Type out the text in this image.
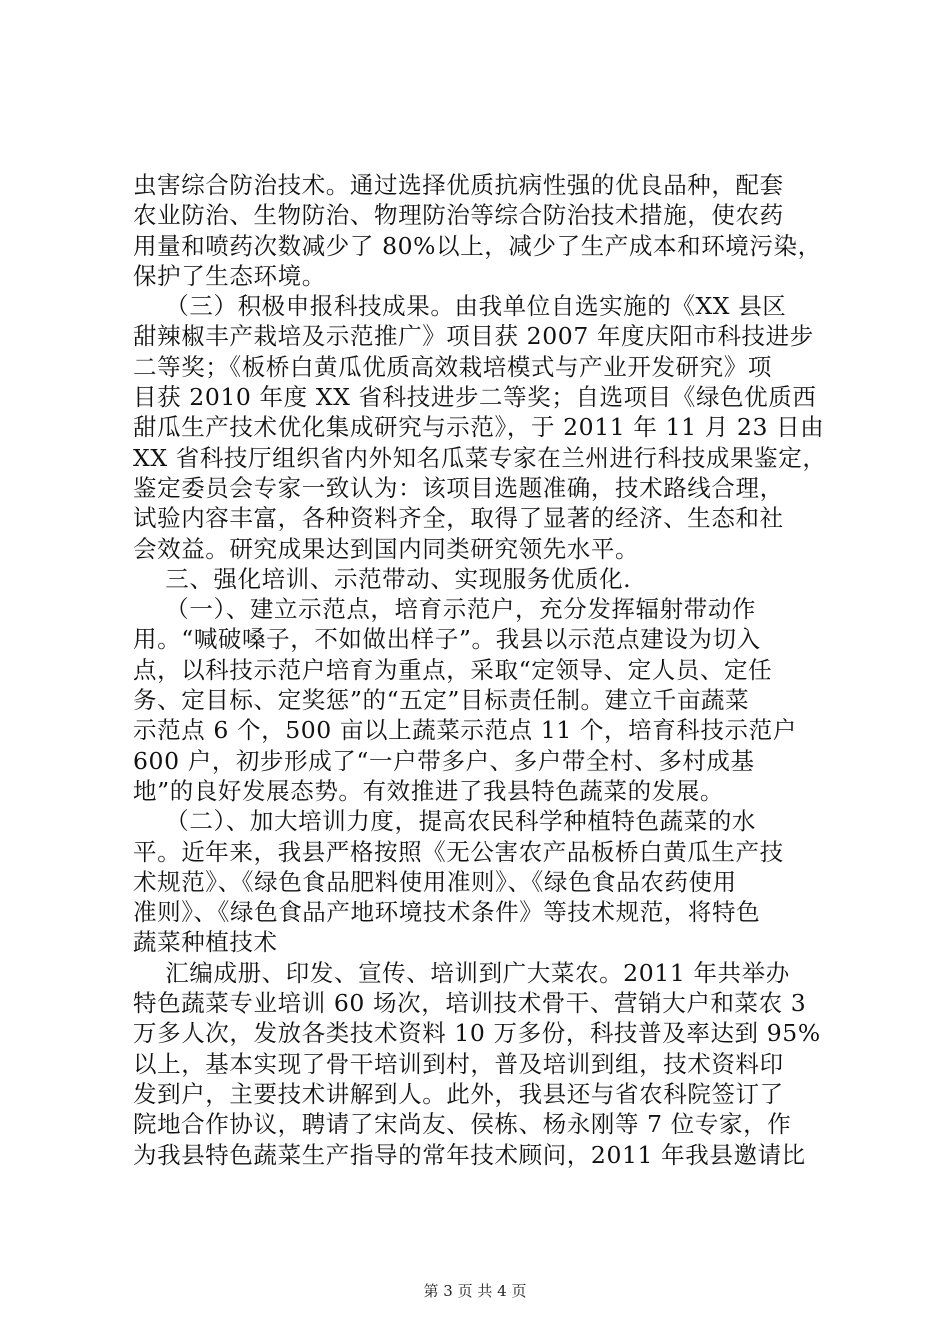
虫害综合防治技术。通过选择优质抗病性强的优良品种，配套
农业防治、生物防治、物理防治等综合防治技术措施，使农药
用量和喷药次数减少了 80%以上，减少了生产成本和环境污染，
保护了生态环境。
（三）积极申报科技成果。由我单位自选实施的《XX 县区
甜辣椒丰产栽培及示范推广》项目获 2007 年度庆阳市科技进步
二等奖；《板桥白黄瓜优质高效栽培模式与产业开发研究》项
目获 2010 年度 XX 省科技进步二等奖；自选项目《绿色优质西
甜瓜生产技术优化集成研究与示范》，于 2011 年 11 月 23 日由
XX 省科技厅组织省内外知名瓜菜专家在兰州进行科技成果鉴定，
鉴定委员会专家一致认为：该项目选题准确，技术路线合理，
试验内容丰富，各种资料齐全，取得了显著的经济、生态和社
会效益。研究成果达到国内同类研究领先水平。
三、强化培训、示范带动、实现服务优质化.
（一）、建立示范点，培育示范户，充分发挥辐射带动作
用。“喊破嗓子，不如做出样子”。我县以示范点建设为切入
点，以科技示范户培育为重点，采取“定领导、定人员、定任
务、定目标、定奖惩”的“五定”目标责任制。建立千亩蔬菜
示范点 6 个，500 亩以上蔬菜示范点 11 个，培育科技示范户
600 户，初步形成了“一户带多户、多户带全村、多村成基
地”的良好发展态势。有效推进了我县特色蔬菜的发展。
（二）、加大培训力度，提高农民科学种植特色蔬菜的水
平。近年来，我县严格按照《无公害农产品板桥白黄瓜生产技
术规范》、《绿色食品肥料使用准则》、《绿色食品农药使用
准则》、《绿色食品产地环境技术条件》等技术规范，将特色
蔬菜种植技术
汇编成册、印发、宣传、培训到广大菜农。2011 年共举办
特色蔬菜专业培训 60 场次，培训技术骨干、营销大户和菜农 3
万多人次，发放各类技术资料 10 万多份，科技普及率达到 95%
以上，基本实现了骨干培训到村，普及培训到组，技术资料印
发到户，主要技术讲解到人。此外，我县还与省农科院签订了
院地合作协议，聘请了宋尚友、侯栋、杨永刚等 7 位专家，作
为我县特色蔬菜生产指导的常年技术顾问，2011 年我县邀请比
第 3 页 共 4 页
